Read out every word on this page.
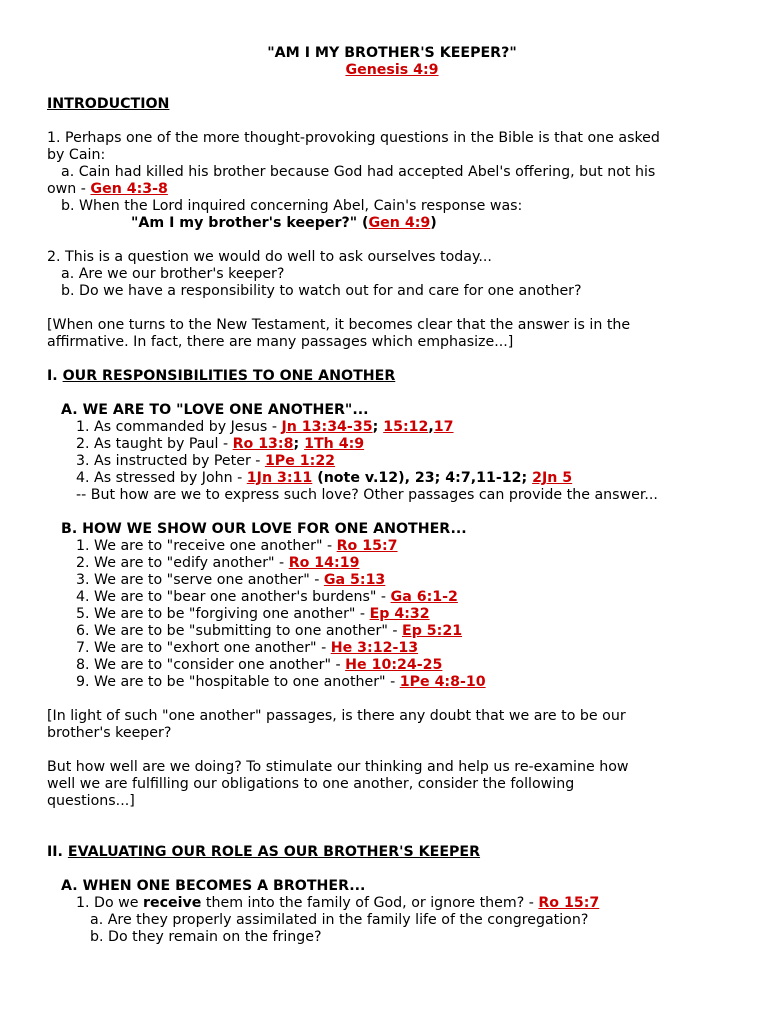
"AM I MY BROTHER'S KEEPER?"
Genesis 4:9
INTRODUCTION
1. Perhaps one of the more thought-provoking questions in the Bible is that one asked
by Cain:
a. Cain had killed his brother because God had accepted Abel's offering, but not his
own - Gen 4:3-8
b. When the Lord inquired concerning Abel, Cain's response was:
"Am I my brother's keeper?" (Gen 4:9)
2. This is a question we would do well to ask ourselves today...
a. Are we our brother's keeper?
b. Do we have a responsibility to watch out for and care for one another?
[When one turns to the New Testament, it becomes clear that the answer is in the
affirmative. In fact, there are many passages which emphasize...]
I. OUR RESPONSIBILITIES TO ONE ANOTHER
A. WE ARE TO "LOVE ONE ANOTHER"...
1. As commanded by Jesus - Jn 13:34-35; 15:12,17
2. As taught by Paul - Ro 13:8; 1Th 4:9
3. As instructed by Peter - 1Pe 1:22
4. As stressed by John - 1Jn 3:11 (note v.12), 23; 4:7,11-12; 2Jn 5
-- But how are we to express such love? Other passages can provide the answer...
B. HOW WE SHOW OUR LOVE FOR ONE ANOTHER...
1. We are to "receive one another" - Ro 15:7
2. We are to "edify another" - Ro 14:19
3. We are to "serve one another" - Ga 5:13
4. We are to "bear one another's burdens" - Ga 6:1-2
5. We are to be "forgiving one another" - Ep 4:32
6. We are to be "submitting to one another" - Ep 5:21
7. We are to "exhort one another" - He 3:12-13
8. We are to "consider one another" - He 10:24-25
9. We are to be "hospitable to one another" - 1Pe 4:8-10
[In light of such "one another" passages, is there any doubt that we are to be our
brother's keeper?
But how well are we doing? To stimulate our thinking and help us re-examine how
well we are fulfilling our obligations to one another, consider the following
questions...]
II. EVALUATING OUR ROLE AS OUR BROTHER'S KEEPER
A. WHEN ONE BECOMES A BROTHER...
1. Do we receive them into the family of God, or ignore them? - Ro 15:7
a. Are they properly assimilated in the family life of the congregation?
b. Do they remain on the fringe?
